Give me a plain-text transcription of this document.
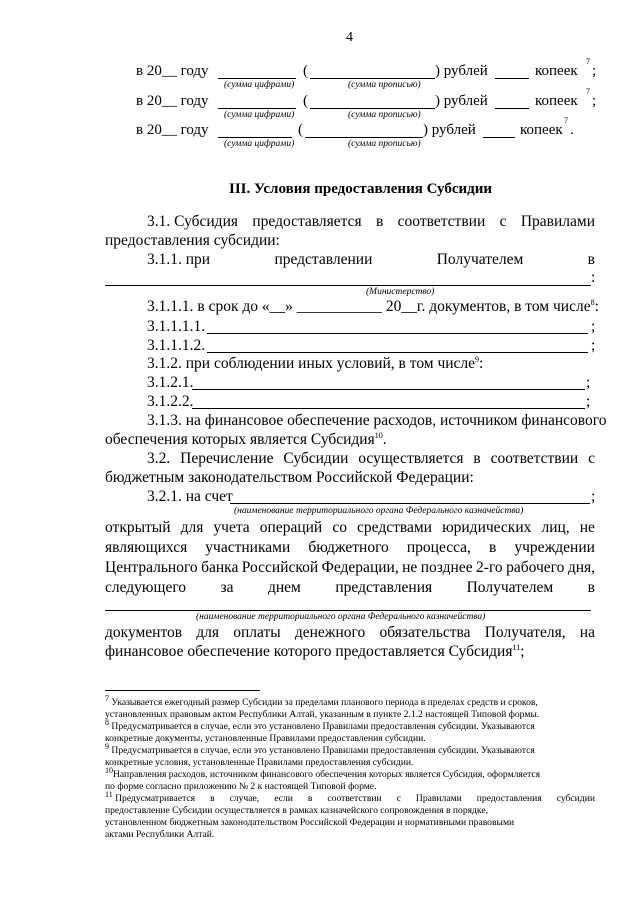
4
в 20__ году	(	) рублей	копеек
7
;
(сумма цифрами)	(сумма прописью)
в 20__ году	(	) рублей	копеек
7
;
(сумма цифрами)	(сумма прописью)
в 20__ году	(	) рублей	копеек
7
.
(сумма цифрами)	(сумма прописью)
III. Условия предоставления Субсидии
3.1. Субсидия предоставляется в соответствии с Правилами
предоставления субсидии:
3.1.1. при	представлении	Получателем	в
:
(Министерство)
3.1.1.1. в срок до «__» ___________ 20__г. документов, в том числе$^8$:
3.1.1.1.1.	;
3.1.1.1.2.	;
3.1.2. при соблюдении иных условий, в том числе$^9$:
3.1.2.1.	;
3.1.2.2.	;
3.1.3. на финансовое обеспечение расходов, источником финансового
обеспечения которых является Субсидия$^{10}$.
3.2. Перечисление Субсидии осуществляется в соответствии с
бюджетным законодательством Российской Федерации:
3.2.1. на счет	;
(наименование территориального органа Федерального казначейства)
открытый для учета операций со средствами юридических лиц, не
являющихся участниками бюджетного процесса, в учреждении
Центрального банка Российской Федерации, не позднее 2-го рабочего дня,
следующего за днем представления Получателем в
(наименование территориального органа Федерального казначейства)
документов для оплаты денежного обязательства Получателя, на
финансовое обеспечение которого предоставляется Субсидия$^{11}$;
$^7$ Указывается ежегодный размер Субсидии за пределами планового периода в пределах средств и сроков,
установленных правовым актом Республики Алтай, указанным в пункте 2.1.2 настоящей Типовой формы.
$^8$ Предусматривается в случае, если это установлено Правилами предоставления субсидии. Указываются
конкретные документы, установленные Правилами предоставления субсидии.
$^9$ Предусматривается в случае, если это установлено Правилами предоставления субсидии. Указываются
конкретные условия, установленные Правилами предоставления субсидии.
$^{10}$Направления расходов, источником финансового обеспечения которых является Субсидия, оформляется
по форме согласно приложению № 2 к настоящей Типовой форме.
$^{11}$ Предусматривается в случае, если в соответствии с Правилами предоставления субсидии
предоставление Субсидии осуществляется в рамках казначейского сопровождения в порядке,
установленном бюджетным законодательством Российской Федерации и нормативными правовыми
актами Республики Алтай.
